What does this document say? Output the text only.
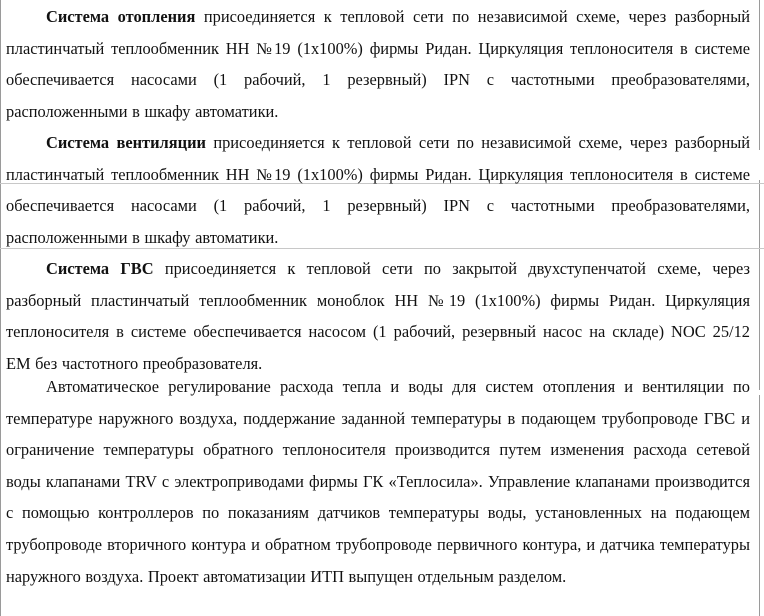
Система отопления присоединяется к тепловой сети по независимой схеме, через разборный пластинчатый теплообменник НН №19 (1х100%) фирмы Ридан. Циркуляция теплоносителя в системе обеспечивается насосами (1 рабочий, 1 резервный) IPN с частотными преобразователями, расположенными в шкафу автоматики.

Система вентиляции присоединяется к тепловой сети по независимой схеме, через разборный пластинчатый теплообменник НН №19 (1х100%) фирмы Ридан. Циркуляция теплоносителя в системе обеспечивается насосами (1 рабочий, 1 резервный) IPN с частотными преобразователями, расположенными в шкафу автоматики.

Система ГВС присоединяется к тепловой сети по закрытой двухступенчатой схеме, через разборный пластинчатый теплообменник моноблок НН №19 (1х100%) фирмы Ридан. Циркуляция теплоносителя в системе обеспечивается насосом (1 рабочий, резервный насос на складе) NOC 25/12 EM без частотного преобразователя.

Автоматическое регулирование расхода тепла и воды для систем отопления и вентиляции по температуре наружного воздуха, поддержание заданной температуры в подающем трубопроводе ГВС и ограничение температуры обратного теплоносителя производится путем изменения расхода сетевой воды клапанами TRV с электроприводами фирмы ГК «Теплосила». Управление клапанами производится с помощью контроллеров по показаниям датчиков температуры воды, установленных на подающем трубопроводе вторичного контура и обратном трубопроводе первичного контура, и датчика температуры наружного воздуха. Проект автоматизации ИТП выпущен отдельным разделом.
